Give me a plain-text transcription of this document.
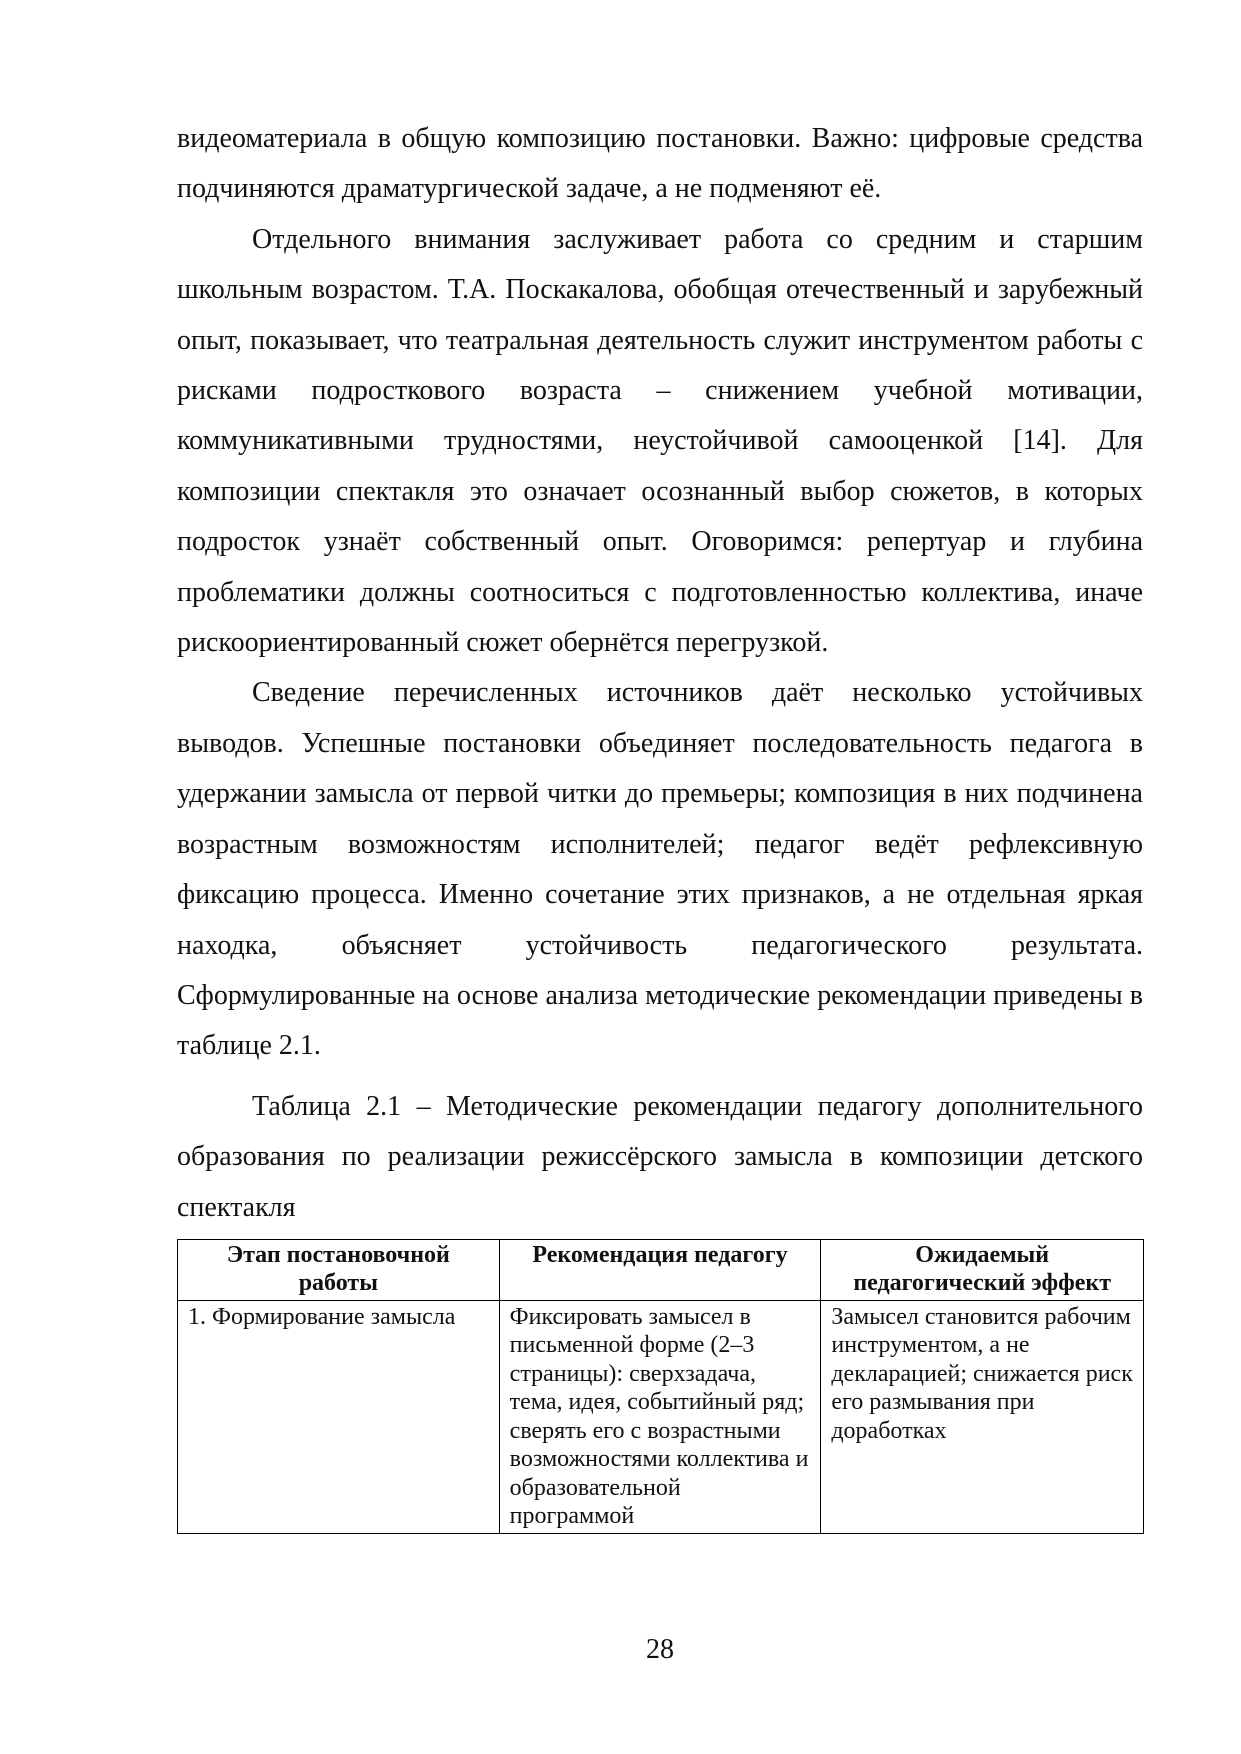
видеоматериала в общую композицию постановки. Важно: цифровые средства подчиняются драматургической задаче, а не подменяют её.

Отдельного внимания заслуживает работа со средним и старшим школьным возрастом. Т.А. Поскакалова, обобщая отечественный и зарубежный опыт, показывает, что театральная деятельность служит инструментом работы с рисками подросткового возраста – снижением учебной мотивации, коммуникативными трудностями, неустойчивой самооценкой [14]. Для композиции спектакля это означает осознанный выбор сюжетов, в которых подросток узнаёт собственный опыт. Оговоримся: репертуар и глубина проблематики должны соотноситься с подготовленностью коллектива, иначе рискоориентированный сюжет обернётся перегрузкой.

Сведение перечисленных источников даёт несколько устойчивых выводов. Успешные постановки объединяет последовательность педагога в удержании замысла от первой читки до премьеры; композиция в них подчинена возрастным возможностям исполнителей; педагог ведёт рефлексивную фиксацию процесса. Именно сочетание этих признаков, а не отдельная яркая находка, объясняет устойчивость педагогического результата. Сформулированные на основе анализа методические рекомендации приведены в таблице 2.1.

Таблица 2.1 – Методические рекомендации педагогу дополнительного образования по реализации режиссёрского замысла в композиции детского спектакля

Этап постановочной работы	Рекомендация педагогу	Ожидаемый педагогический эффект
1. Формирование замысла	Фиксировать замысел в письменной форме (2–3 страницы): сверхзадача, тема, идея, событийный ряд; сверять его с возрастными возможностями коллектива и образовательной программой	Замысел становится рабочим инструментом, а не декларацией; снижается риск его размывания при доработках
28
